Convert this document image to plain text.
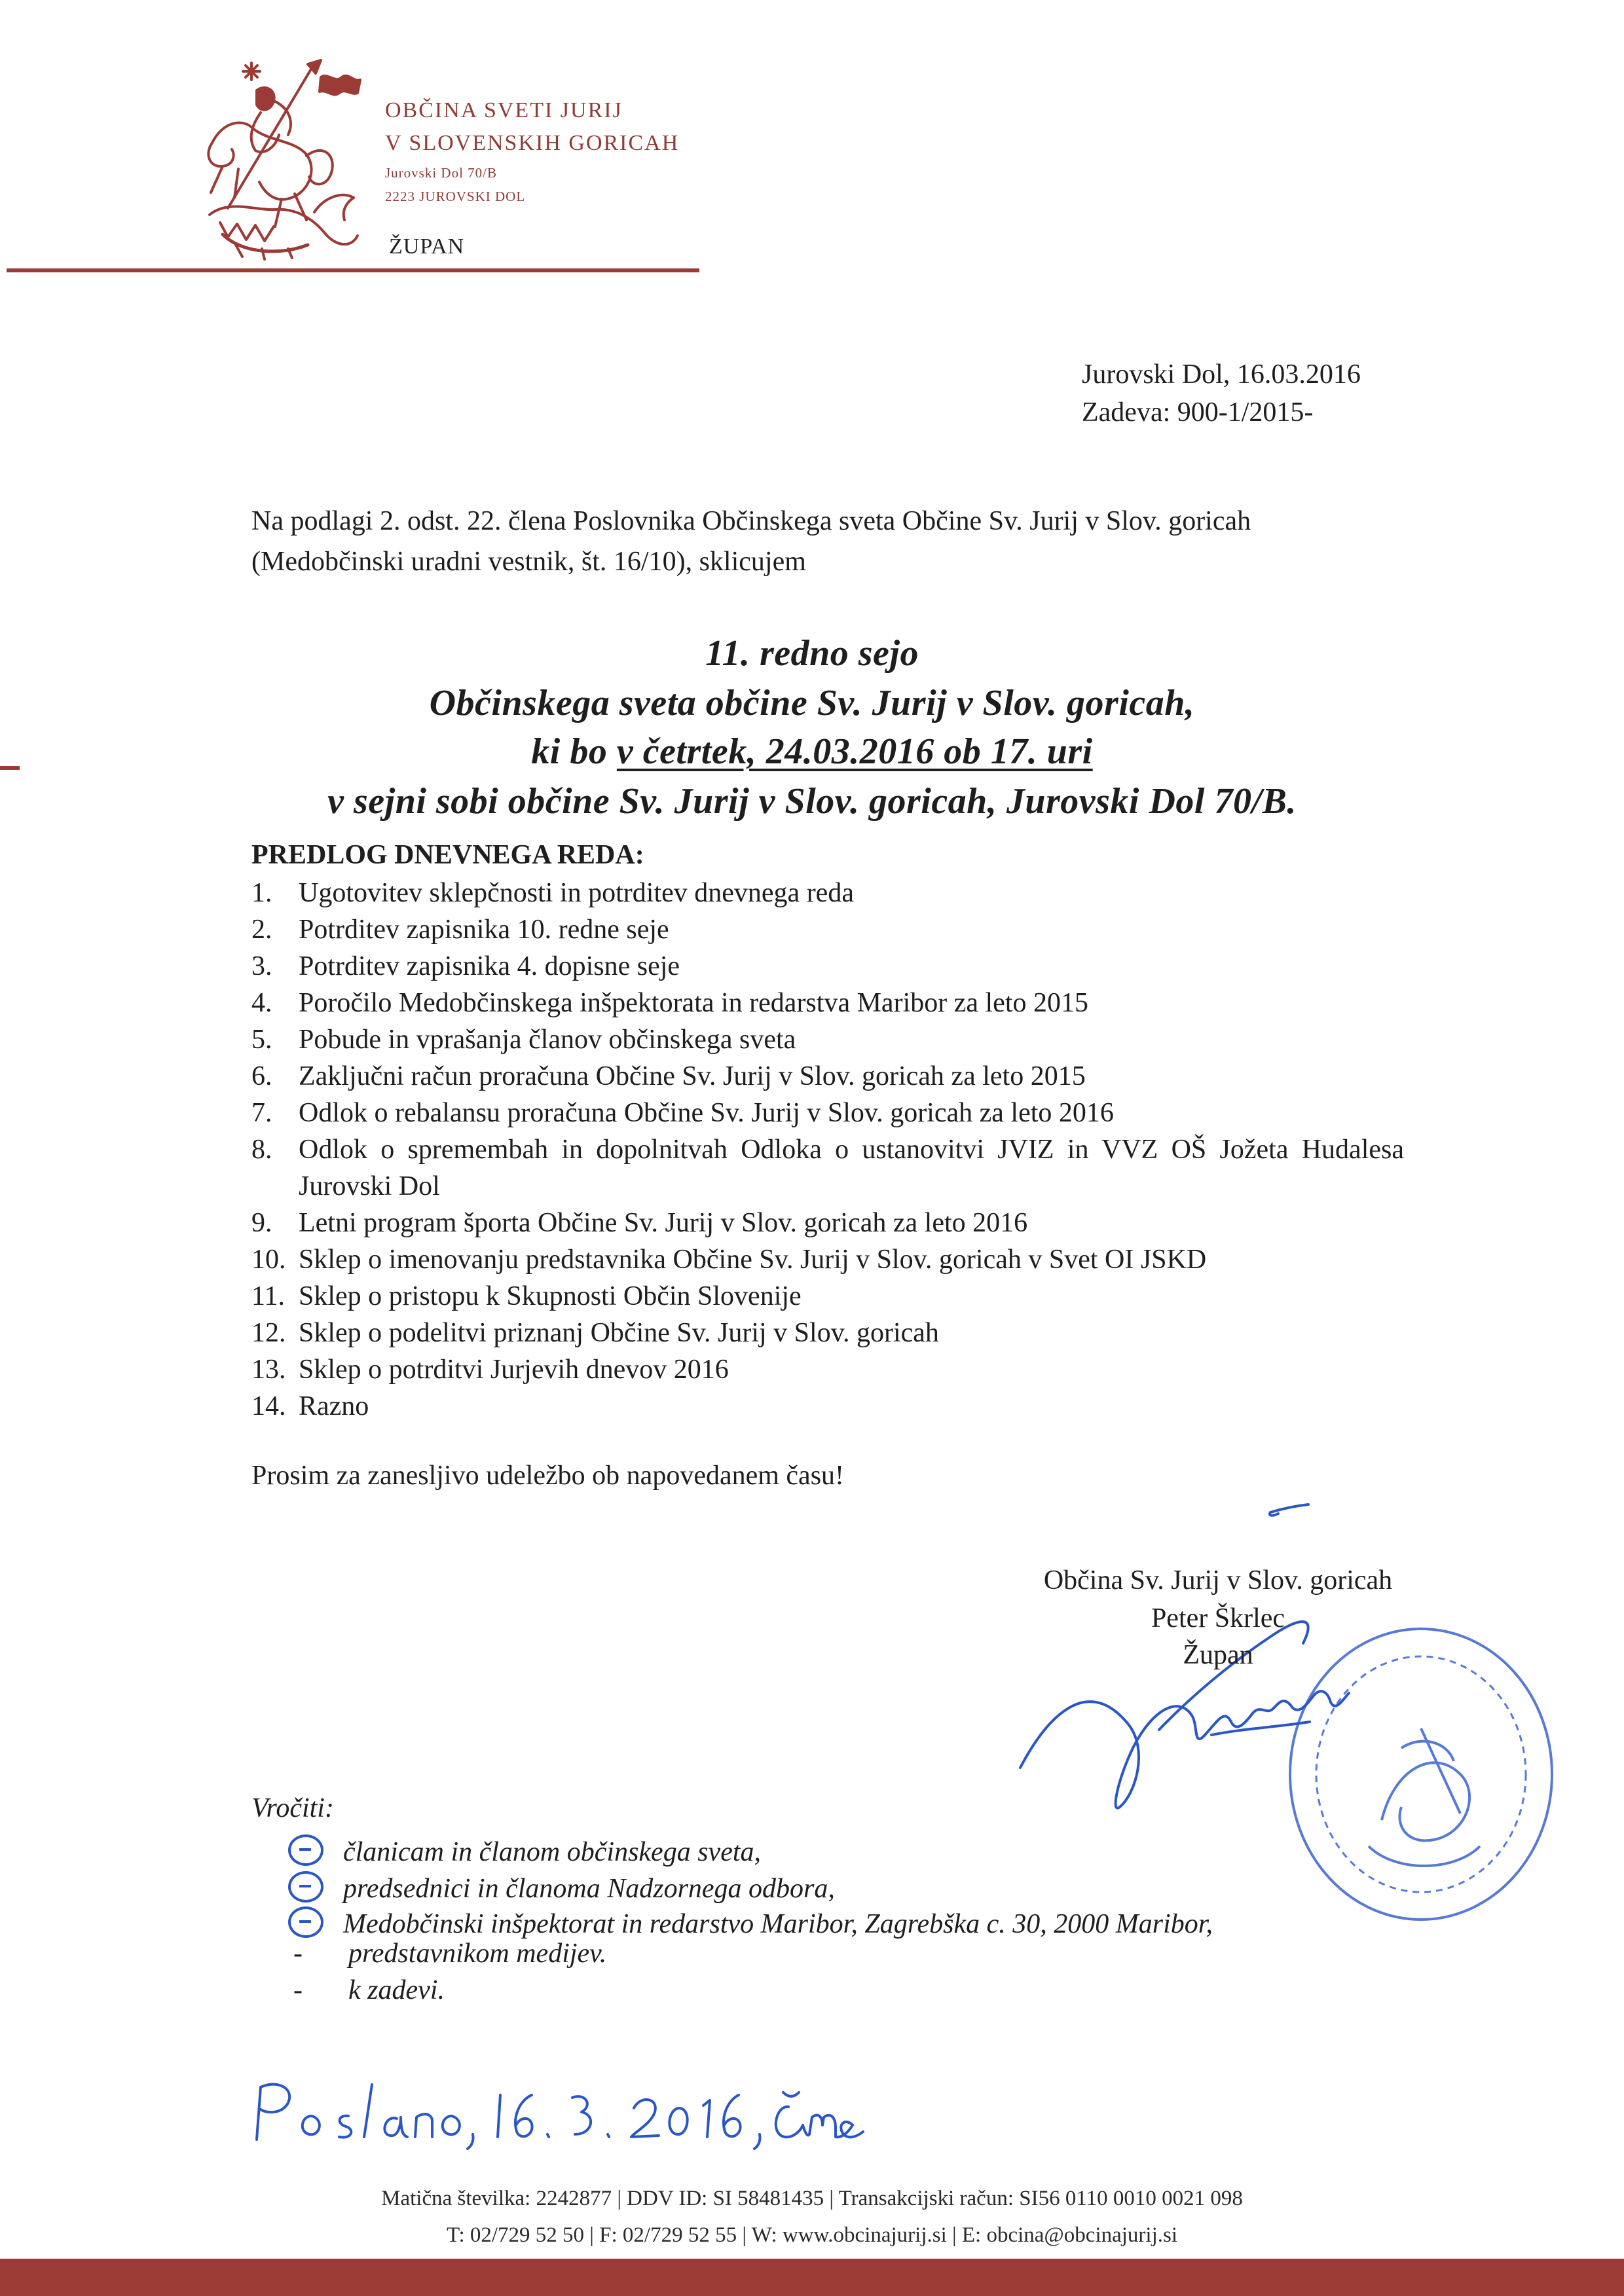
OBČINA SVETI JURIJ
V SLOVENSKIH GORICAH
Jurovski Dol 70/B
2223 JUROVSKI DOL
ŽUPAN
Jurovski Dol, 16.03.2016
Zadeva: 900-1/2015-
Na podlagi 2. odst. 22. člena Poslovnika Občinskega sveta Občine Sv. Jurij v Slov. goricah
(Medobčinski uradni vestnik, št. 16/10), sklicujem
11. redno sejo
Občinskega sveta občine Sv. Jurij v Slov. goricah,
ki bo v četrtek, 24.03.2016 ob 17. uri
v sejni sobi občine Sv. Jurij v Slov. goricah, Jurovski Dol 70/B.
PREDLOG DNEVNEGA REDA:
1. Ugotovitev sklepčnosti in potrditev dnevnega reda
2. Potrditev zapisnika 10. redne seje
3. Potrditev zapisnika 4. dopisne seje
4. Poročilo Medobčinskega inšpektorata in redarstva Maribor za leto 2015
5. Pobude in vprašanja članov občinskega sveta
6. Zaključni račun proračuna Občine Sv. Jurij v Slov. goricah za leto 2015
7. Odlok o rebalansu proračuna Občine Sv. Jurij v Slov. goricah za leto 2016
8. Odlok o spremembah in dopolnitvah Odloka o ustanovitvi JVIZ in VVZ OŠ Jožeta Hudalesa Jurovski Dol
9. Letni program športa Občine Sv. Jurij v Slov. goricah za leto 2016
10. Sklep o imenovanju predstavnika Občine Sv. Jurij v Slov. goricah v Svet OI JSKD
11. Sklep o pristopu k Skupnosti Občin Slovenije
12. Sklep o podelitvi priznanj Občine Sv. Jurij v Slov. goricah
13. Sklep o potrditvi Jurjevih dnevov 2016
14. Razno
Prosim za zanesljivo udeležbo ob napovedanem času!
Občina Sv. Jurij v Slov. goricah
Peter Škrlec
Župan
Vročiti:
članicam in članom občinskega sveta,
predsednici in članoma Nadzornega odbora,
Medobčinski inšpektorat in redarstvo Maribor, Zagrebška c. 30, 2000 Maribor,
- predstavnikom medijev.
- k zadevi.
Matična številka: 2242877 | DDV ID: SI 58481435 | Transakcijski račun: SI56 0110 0010 0021 098
T: 02/729 52 50 | F: 02/729 52 55 | W: www.obcinajurij.si | E: obcina@obcinajurij.si
